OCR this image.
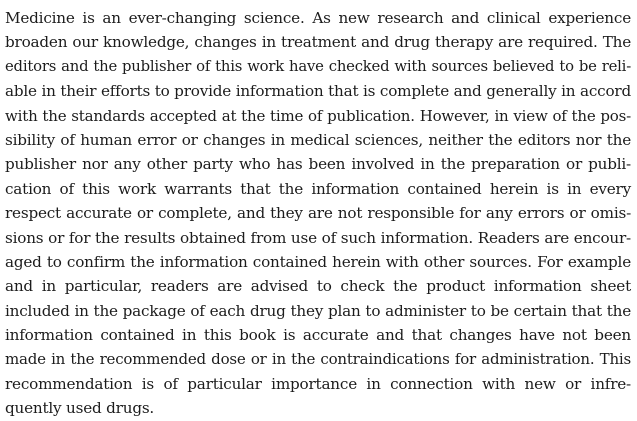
Medicine is an ever-changing science. As new research and clinical experience
broaden our knowledge, changes in treatment and drug therapy are required. The
editors and the publisher of this work have checked with sources believed to be reli-
able in their efforts to provide information that is complete and generally in accord
with the standards accepted at the time of publication. However, in view of the pos-
sibility of human error or changes in medical sciences, neither the editors nor the
publisher nor any other party who has been involved in the preparation or publi-
cation of this work warrants that the information contained herein is in every
respect accurate or complete, and they are not responsible for any errors or omis-
sions or for the results obtained from use of such information. Readers are encour-
aged to confirm the information contained herein with other sources. For example
and in particular, readers are advised to check the product information sheet
included in the package of each drug they plan to administer to be certain that the
information contained in this book is accurate and that changes have not been
made in the recommended dose or in the contraindications for administration. This
recommendation is of particular importance in connection with new or infre-
quently used drugs.
